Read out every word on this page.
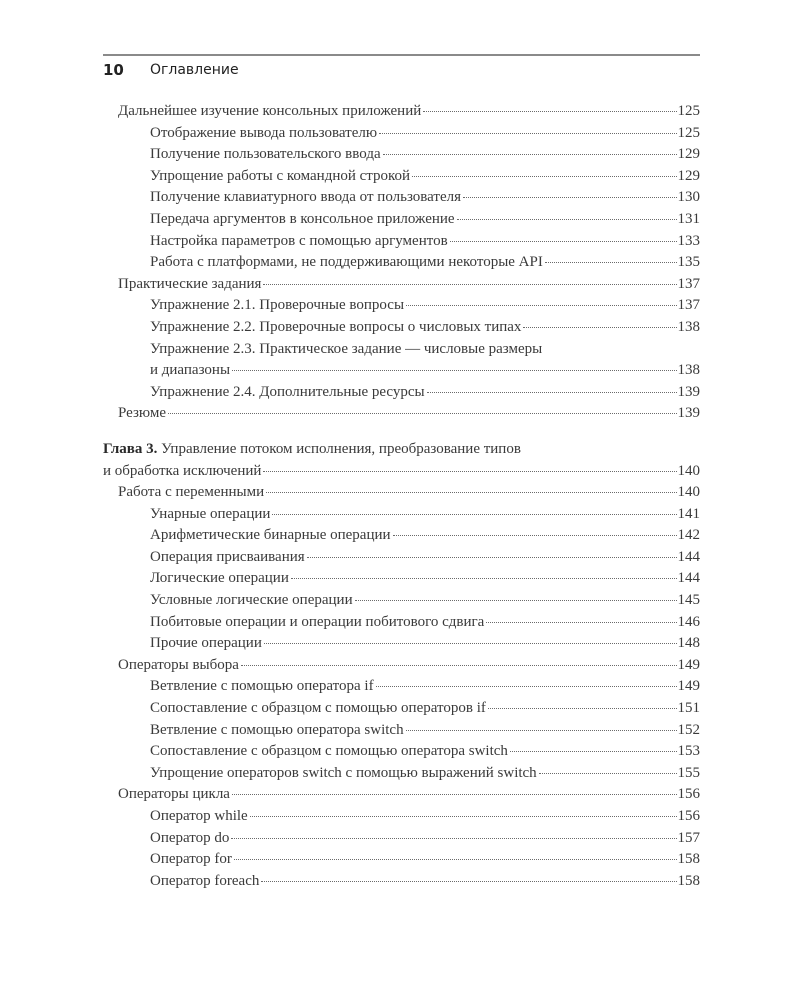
10 Оглавление
Дальнейшее изучение консольных приложений	125
Отображение вывода пользователю	125
Получение пользовательского ввода	129
Упрощение работы с командной строкой	129
Получение клавиатурного ввода от пользователя	130
Передача аргументов в консольное приложение	131
Настройка параметров с помощью аргументов	133
Работа с платформами, не поддерживающими некоторые API	135
Практические задания	137
Упражнение 2.1. Проверочные вопросы	137
Упражнение 2.2. Проверочные вопросы о числовых типах	138
Упражнение 2.3. Практическое задание — числовые размеры
и диапазоны	138
Упражнение 2.4. Дополнительные ресурсы	139
Резюме	139
Глава 3. Управление потоком исполнения, преобразование типов
и обработка исключений	140
Работа с переменными	140
Унарные операции	141
Арифметические бинарные операции	142
Операция присваивания	144
Логические операции	144
Условные логические операции	145
Побитовые операции и операции побитового сдвига	146
Прочие операции	148
Операторы выбора	149
Ветвление с помощью оператора if	149
Сопоставление с образцом с помощью операторов if	151
Ветвление с помощью оператора switch	152
Сопоставление с образцом с помощью оператора switch	153
Упрощение операторов switch с помощью выражений switch	155
Операторы цикла	156
Оператор while	156
Оператор do	157
Оператор for	158
Оператор foreach	158
